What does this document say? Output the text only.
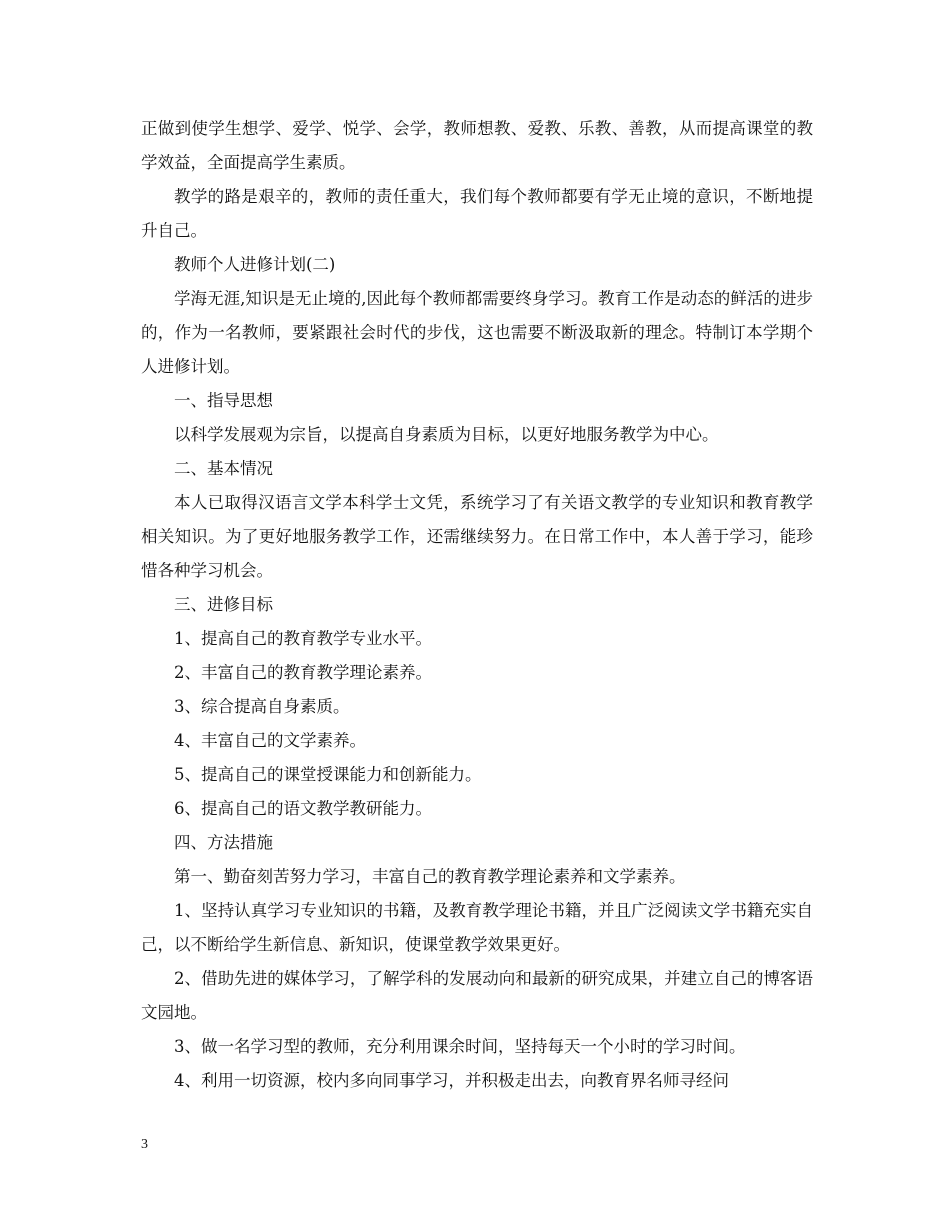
正做到使学生想学、爱学、悦学、会学，教师想教、爱教、乐教、善教，从而提高课堂的教学效益，全面提高学生素质。

教学的路是艰辛的，教师的责任重大，我们每个教师都要有学无止境的意识，不断地提升自己。

教师个人进修计划(二)

学海无涯,知识是无止境的,因此每个教师都需要终身学习。教育工作是动态的鲜活的进步的，作为一名教师，要紧跟社会时代的步伐，这也需要不断汲取新的理念。特制订本学期个人进修计划。

一、指导思想

以科学发展观为宗旨，以提高自身素质为目标，以更好地服务教学为中心。

二、基本情况

本人已取得汉语言文学本科学士文凭，系统学习了有关语文教学的专业知识和教育教学相关知识。为了更好地服务教学工作，还需继续努力。在日常工作中，本人善于学习，能珍惜各种学习机会。

三、进修目标

1、提高自己的教育教学专业水平。

2、丰富自己的教育教学理论素养。

3、综合提高自身素质。

4、丰富自己的文学素养。

5、提高自己的课堂授课能力和创新能力。

6、提高自己的语文教学教研能力。

四、方法措施

第一、勤奋刻苦努力学习，丰富自己的教育教学理论素养和文学素养。

1、坚持认真学习专业知识的书籍，及教育教学理论书籍，并且广泛阅读文学书籍充实自己，以不断给学生新信息、新知识，使课堂教学效果更好。

2、借助先进的媒体学习，了解学科的发展动向和最新的研究成果，并建立自己的博客语文园地。

3、做一名学习型的教师，充分利用课余时间，坚持每天一个小时的学习时间。

4、利用一切资源，校内多向同事学习，并积极走出去，向教育界名师寻经问

3
